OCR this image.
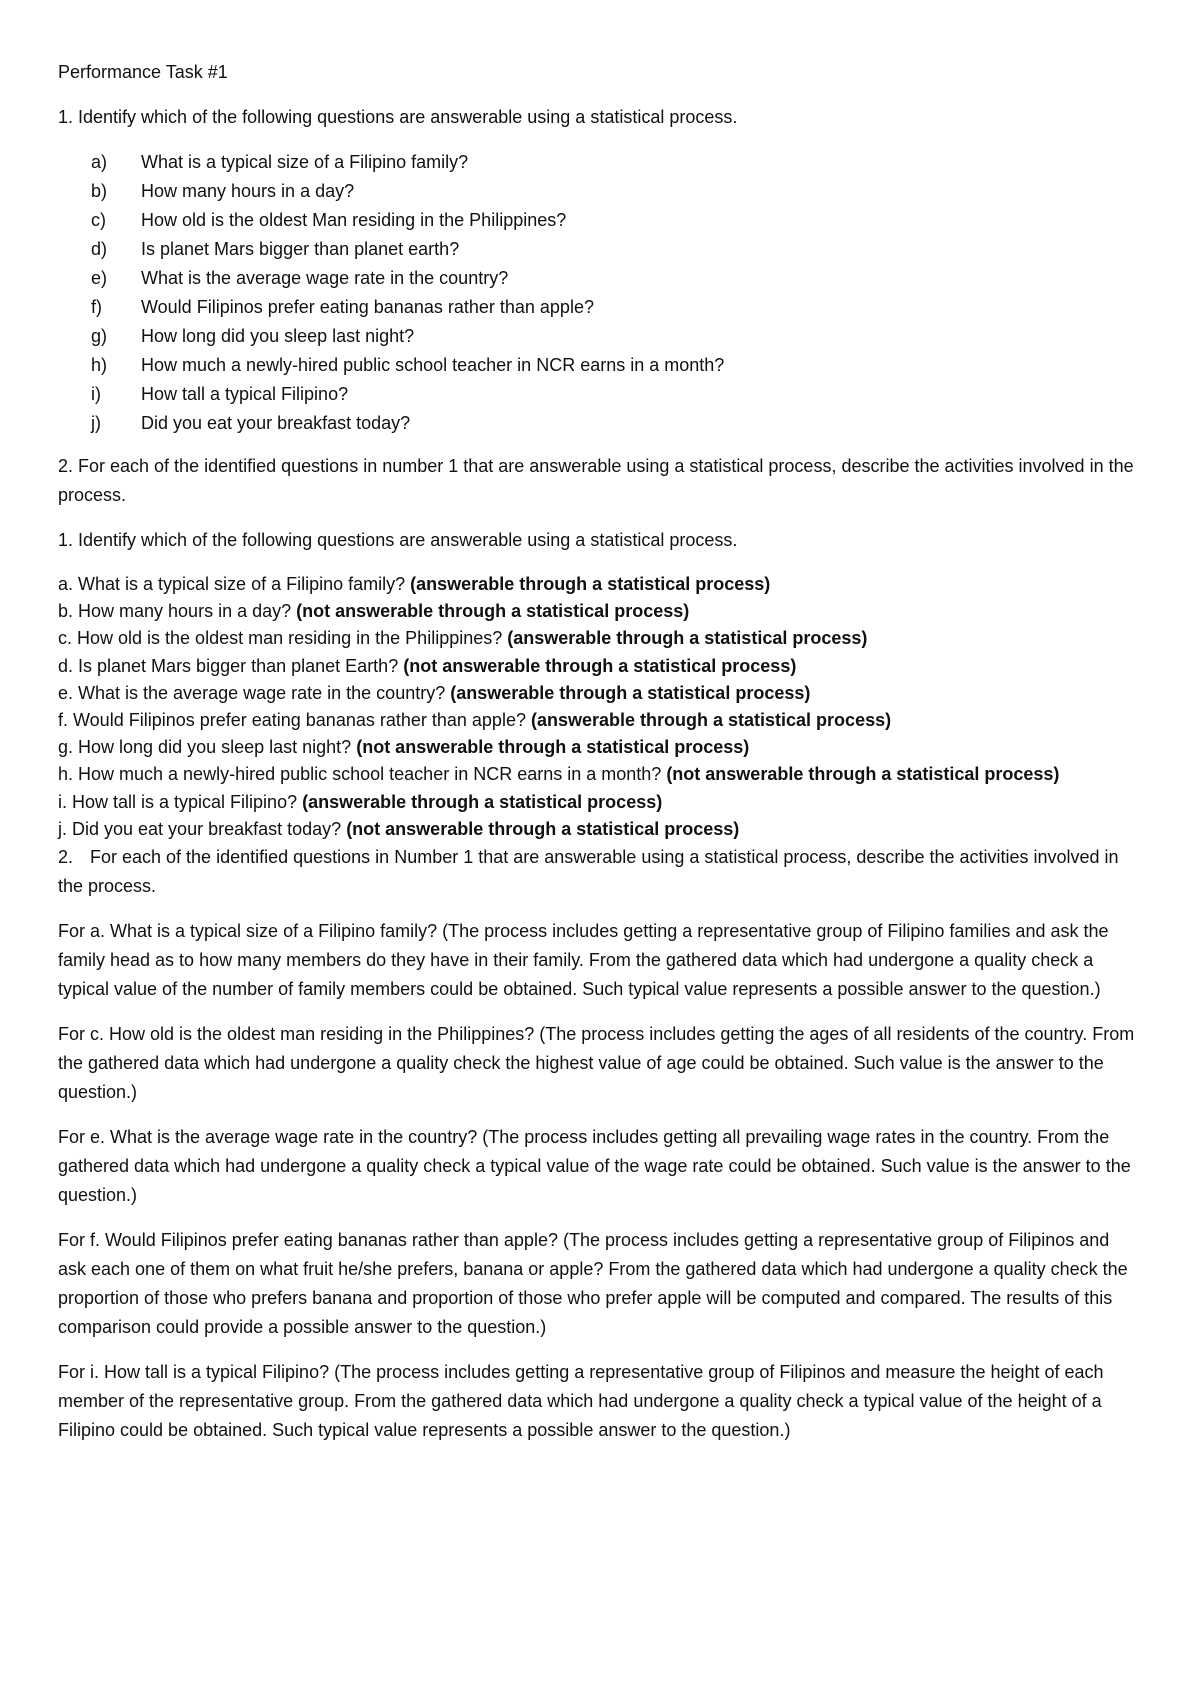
Performance Task #1

1. Identify which of the following questions are answerable using a statistical process.

a)	What is a typical size of a Filipino family?
b)	How many hours in a day?
c)	How old is the oldest Man residing in the Philippines?
d)	Is planet Mars bigger than planet earth?
e)	What is the average wage rate in the country?
f)	Would Filipinos prefer eating bananas rather than apple?
g)	How long did you sleep last night?
h)	How much a newly-hired public school teacher in NCR earns in a month?
i)	How tall a typical Filipino?
j)	Did you eat your breakfast today?

2. For each of the identified questions in number 1 that are answerable using a statistical process, describe the activities involved in the process.

1. Identify which of the following questions are answerable using a statistical process.

a. What is a typical size of a Filipino family? (answerable through a statistical process)

b. How many hours in a day? (not answerable through a statistical process)

c. How old is the oldest man residing in the Philippines? (answerable through a statistical process)

d. Is planet Mars bigger than planet Earth? (not answerable through a statistical process)

e. What is the average wage rate in the country? (answerable through a statistical process)

f. Would Filipinos prefer eating bananas rather than apple? (answerable through a statistical process)

g. How long did you sleep last night? (not answerable through a statistical process)

h. How much a newly-hired public school teacher in NCR earns in a month? (not answerable through a statistical process)

i. How tall is a typical Filipino? (answerable through a statistical process)

j. Did you eat your breakfast today? (not answerable through a statistical process)

2. For each of the identified questions in Number 1 that are answerable using a statistical process, describe the activities involved in the process.

For a. What is a typical size of a Filipino family? (The process includes getting a representative group of Filipino families and ask the family head as to how many members do they have in their family. From the gathered data which had undergone a quality check a typical value of the number of family members could be obtained. Such typical value represents a possible answer to the question.)

For c. How old is the oldest man residing in the Philippines? (The process includes getting the ages of all residents of the country. From the gathered data which had undergone a quality check the highest value of age could be obtained. Such value is the answer to the question.)

For e. What is the average wage rate in the country? (The process includes getting all prevailing wage rates in the country. From the gathered data which had undergone a quality check a typical value of the wage rate could be obtained. Such value is the answer to the question.)

For f. Would Filipinos prefer eating bananas rather than apple? (The process includes getting a representative group of Filipinos and ask each one of them on what fruit he/she prefers, banana or apple? From the gathered data which had undergone a quality check the proportion of those who prefers banana and proportion of those who prefer apple will be computed and compared. The results of this comparison could provide a possible answer to the question.)

For i. How tall is a typical Filipino? (The process includes getting a representative group of Filipinos and measure the height of each member of the representative group. From the gathered data which had undergone a quality check a typical value of the height of a Filipino could be obtained. Such typical value represents a possible answer to the question.)
